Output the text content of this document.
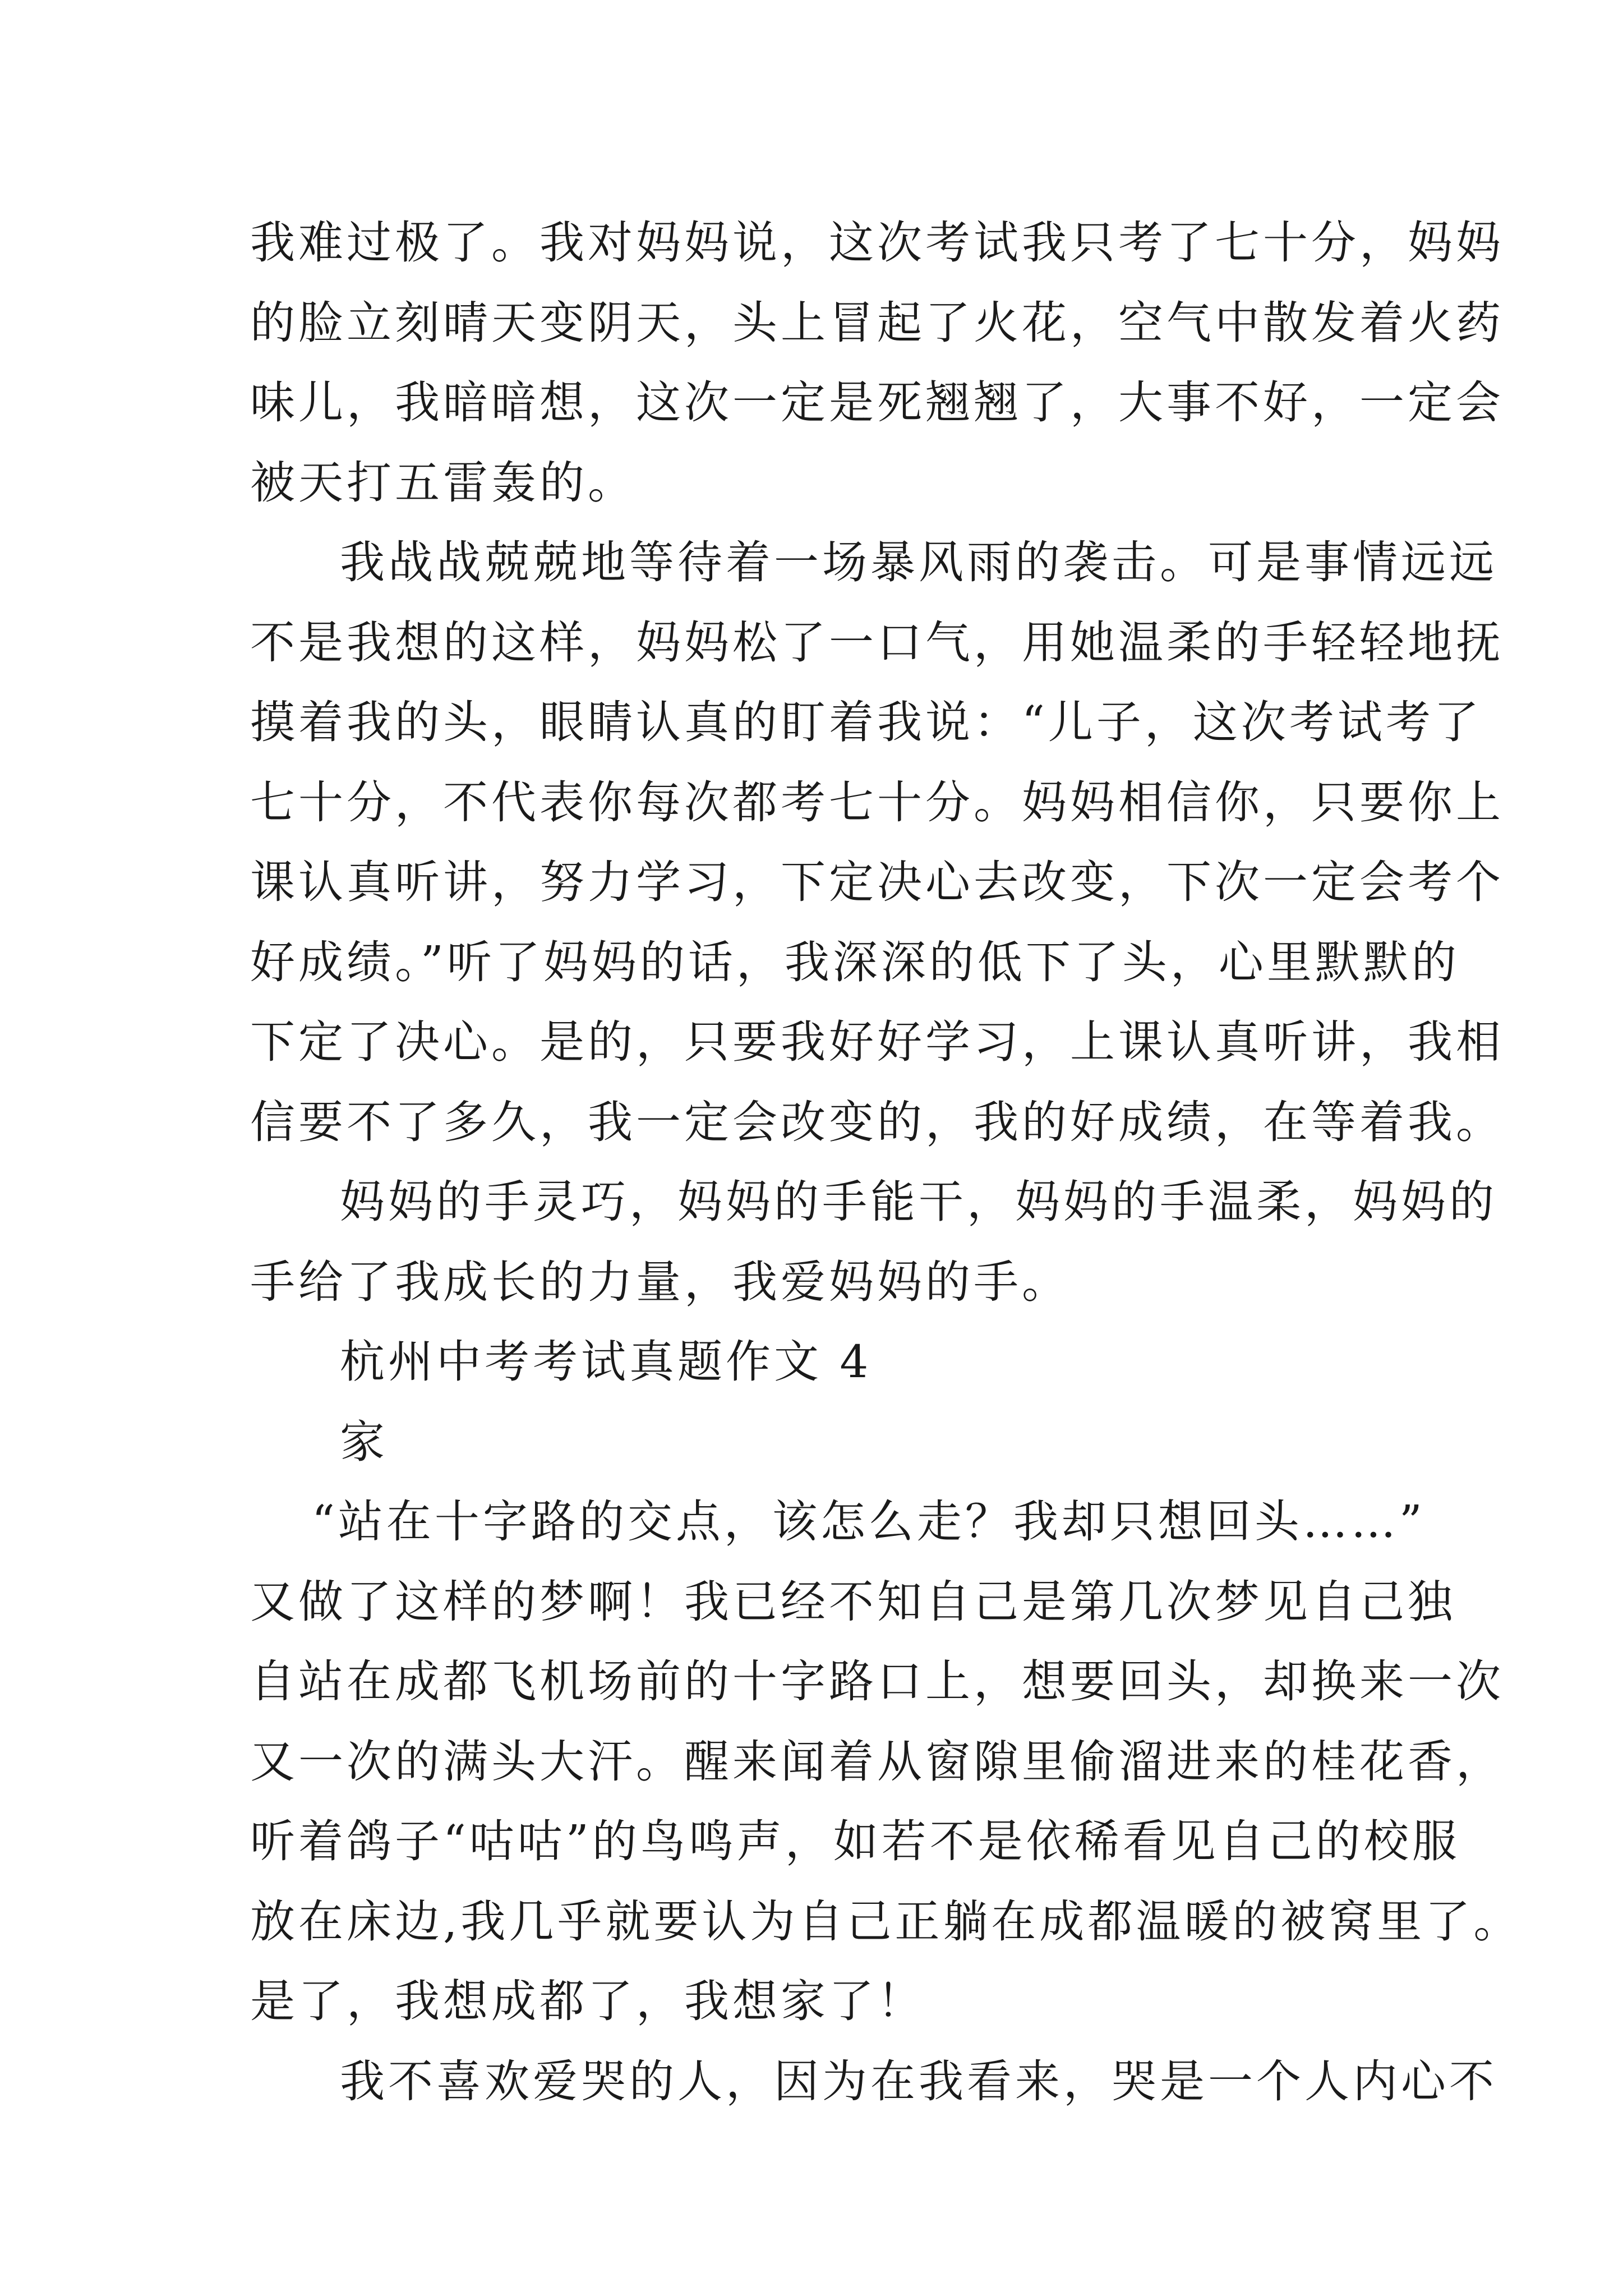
我难过极了。我对妈妈说，这次考试我只考了七十分，妈妈
的脸立刻晴天变阴天，头上冒起了火花，空气中散发着火药
味儿，我暗暗想，这次一定是死翘翘了，大事不好，一定会
被天打五雷轰的。
我战战兢兢地等待着一场暴风雨的袭击。可是事情远远
不是我想的这样，妈妈松了一口气，用她温柔的手轻轻地抚
摸着我的头，眼睛认真的盯着我说：“儿子，这次考试考了
七十分，不代表你每次都考七十分。妈妈相信你，只要你上
课认真听讲，努力学习，下定决心去改变，下次一定会考个
好成绩。”听了妈妈的话，我深深的低下了头，心里默默的
下定了决心。是的，只要我好好学习，上课认真听讲，我相
信要不了多久，我一定会改变的，我的好成绩，在等着我。
妈妈的手灵巧，妈妈的手能干，妈妈的手温柔，妈妈的
手给了我成长的力量，我爱妈妈的手。
杭州中考考试真题作文 4
家
“站在十字路的交点，该怎么走？我却只想回头……”
又做了这样的梦啊！我已经不知自己是第几次梦见自己独
自站在成都飞机场前的十字路口上，想要回头，却换来一次
又一次的满头大汗。醒来闻着从窗隙里偷溜进来的桂花香，
听着鸽子“咕咕”的鸟鸣声，如若不是依稀看见自己的校服
放在床边,我几乎就要认为自己正躺在成都温暖的被窝里了。
是了，我想成都了，我想家了！
我不喜欢爱哭的人，因为在我看来，哭是一个人内心不
